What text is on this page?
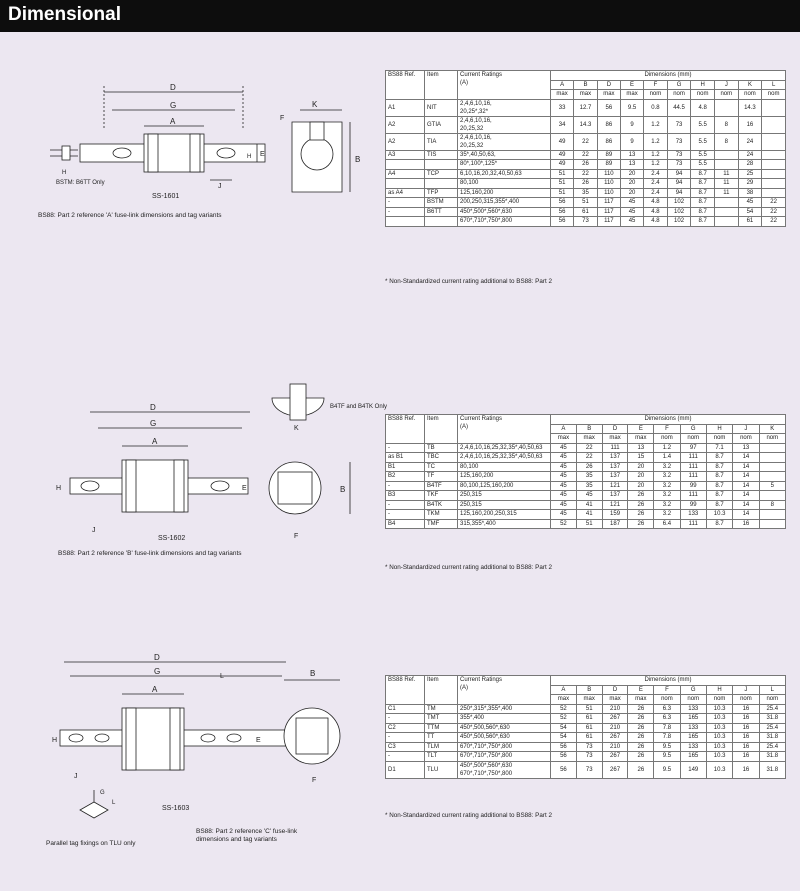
Dimensional
D
G
A
H
BSTM: B6TT Only
E
H
J
SS-1601
K
F
B
BS88: Part 2 reference 'A' fuse-link dimensions and tag variants
D
G
A
H	E
J
SS-1602
B
F
K
B4TF and B4TK Only
BS88: Part 2 reference 'B' fuse-link dimensions and tag variants
D
G
A
L
H	E
J
SS-1603
B
F
G
L
Parallel tag fixings on TLU only
BS88: Part 2 reference 'C' fuse-link
dimensions and tag variants
BS88 Ref.	Item	Current Ratings
(A)	Dimensions (mm)									
			A	B	D	E	F	G	H	J	K	L
			max	max	max	max	nom	nom	nom	nom	nom	nom
A1	NIT	2,4,6,10,16,
20,25*,32*	33	12.7	56	9.5	0.8	44.5	4.8		14.3	
A2	GTIA	2,4,6,10,16,
20,25,32	34	14.3	86	9	1.2	73	5.5	8	16	
A2	TIA	2,4,6,10,16,
20,25,32	49	22	86	9	1.2	73	5.5	8	24	
A3	TIS	35*,40,50,63,	49	22	89	13	1.2	73	5.5		24	

		80*,100*,125*	49	26	89	13	1.2	73	5.5		28	
A4	TCP	6,10,16,20,32,40,50,63	51	22	110	20	2.4	94	8.7	11	25	

		80,100	51	26	110	20	2.4	94	8.7	11	29	
as A4	TFP	125,160,200	51	35	110	20	2.4	94	8.7	11	38	
-	BSTM	200,250,315,355*,400	56	51	117	45	4.8	102	8.7		45	22
-	B6TT	450*,500*,560*,630	56	61	117	45	4.8	102	8.7		54	22

		670*,710*,750*,800	56	73	117	45	4.8	102	8.7		61	22
* Non-Standardized current rating additional to BS88: Part 2
BS88 Ref.	Item	Current Ratings
(A)	Dimensions (mm)								
			A	B	D	E	F	G	H	J	K
			max	max	max	max	nom	nom	nom	nom	nom
-	TB	2,4,6,10,16,25,32,35*,40,50,63	45	22	111	13	1.2	97	7.1	13	
as B1	TBC	2,4,6,10,16,25,32,35*,40,50,63	45	22	137	15	1.4	111	8.7	14	
B1	TC	80,100	45	26	137	20	3.2	111	8.7	14	
B2	TF	125,160,200	45	35	137	20	3.2	111	8.7	14	
-	B4TF	80,100,125,160,200	45	35	121	20	3.2	99	8.7	14	5
B3	TKF	250,315	45	45	137	26	3.2	111	8.7	14	
-	B4TK	250,315	45	41	121	26	3.2	99	8.7	14	8
-	TKM	125,160,200,250,315	45	41	159	26	3.2	133	10.3	14	
B4	TMF	315,355*,400	52	51	187	26	6.4	111	8.7	16	
* Non-Standardized current rating additional to BS88: Part 2
BS88 Ref.	Item	Current Ratings
(A)	Dimensions (mm)								
			A	B	D	E	F	G	H	J	L
			max	max	max	max	nom	nom	nom	nom	nom
C1	TM	250*,315*,355*,400	52	51	210	26	6.3	133	10.3	16	25.4
-	TMT	355*,400	52	61	267	26	6.3	165	10.3	16	31.8
C2	TTM	450*,500,560*,630	54	61	210	26	7.8	133	10.3	16	25.4
-	TT	450*,500,560*,630	54	61	267	26	7.8	165	10.3	16	31.8
C3	TLM	670*,710*,750*,800	56	73	210	26	9.5	133	10.3	16	25.4
-	TLT	670*,710*,750*,800	56	73	267	26	9.5	165	10.3	16	31.8
D1	TLU	450*,500*,560*,630
670*,710*,750*,800	56	73	267	26	9.5	149	10.3	16	31.8
* Non-Standardized current rating additional to BS88: Part 2
